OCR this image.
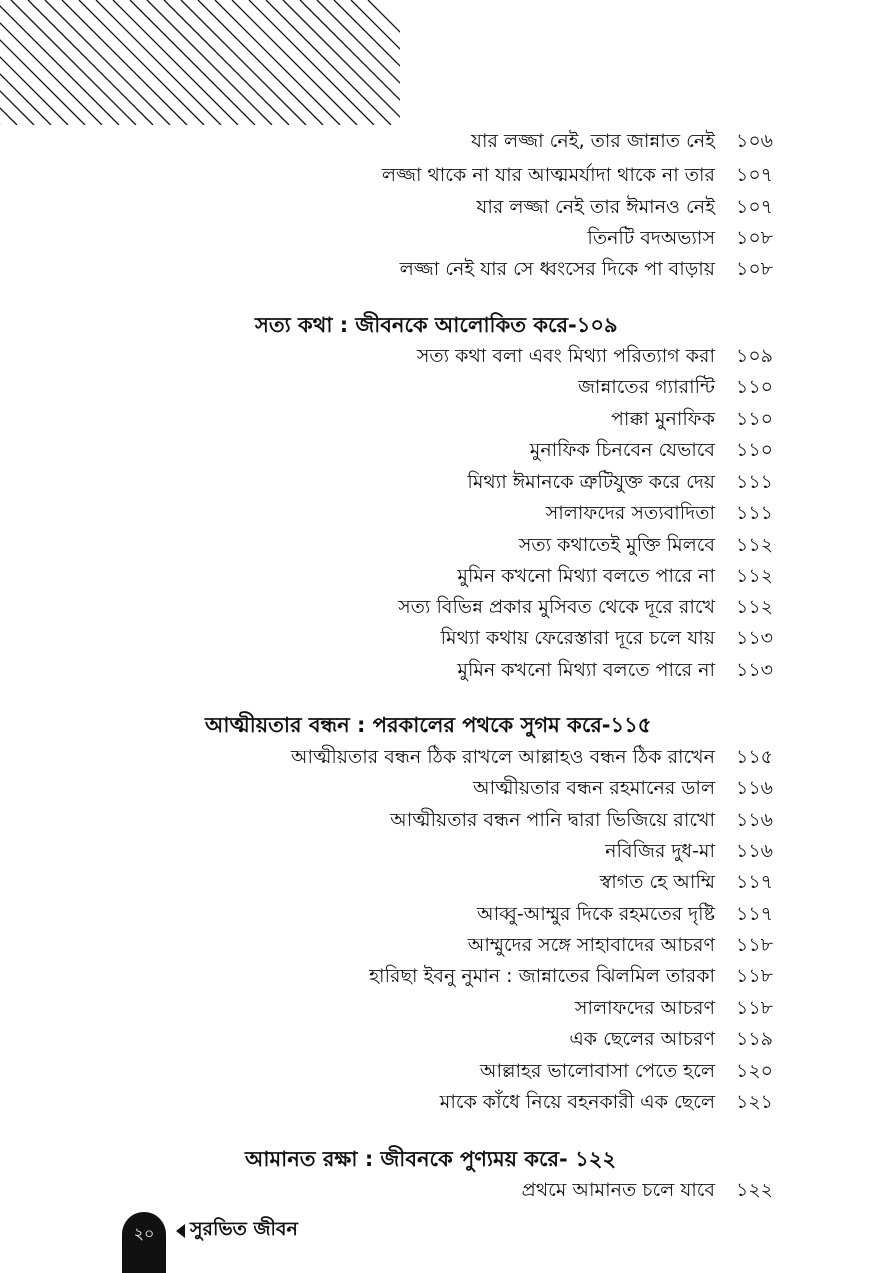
যার লজ্জা নেই, তার জান্নাত নেই ১০৬
লজ্জা থাকে না যার আত্মমর্যাদা থাকে না তার ১০৭
যার লজ্জা নেই তার ঈমানও নেই ১০৭
তিনটি বদঅভ্যাস ১০৮
লজ্জা নেই যার সে ধ্বংসের দিকে পা বাড়ায় ১০৮
সত্য কথা : জীবনকে আলোকিত করে-১০৯
সত্য কথা বলা এবং মিথ্যা পরিত্যাগ করা ১০৯
জান্নাতের গ্যারান্টি ১১০
পাক্কা মুনাফিক ১১০
মুনাফিক চিনবেন যেভাবে ১১০
মিথ্যা ঈমানকে ত্রুটিযুক্ত করে দেয় ১১১
সালাফদের সত্যবাদিতা ১১১
সত্য কথাতেই মুক্তি মিলবে ১১২
মুমিন কখনো মিথ্যা বলতে পারে না ১১২
সত্য বিভিন্ন প্রকার মুসিবত থেকে দূরে রাখে ১১২
মিথ্যা কথায় ফেরেস্তারা দূরে চলে যায় ১১৩
মুমিন কখনো মিথ্যা বলতে পারে না ১১৩
আত্মীয়তার বন্ধন : পরকালের পথকে সুগম করে-১১৫
আত্মীয়তার বন্ধন ঠিক রাখলে আল্লাহও বন্ধন ঠিক রাখেন ১১৫
আত্মীয়তার বন্ধন রহমানের ডাল ১১৬
আত্মীয়তার বন্ধন পানি দ্বারা ভিজিয়ে রাখো ১১৬
নবিজির দুধ-মা ১১৬
স্বাগত হে আম্মি ১১৭
আব্বু-আম্মুর দিকে রহমতের দৃষ্টি ১১৭
আম্মুদের সঙ্গে সাহাবাদের আচরণ ১১৮
হারিছা ইবনু নুমান : জান্নাতের ঝিলমিল তারকা ১১৮
সালাফদের আচরণ ১১৮
এক ছেলের আচরণ ১১৯
আল্লাহর ভালোবাসা পেতে হলে ১২০
মাকে কাঁধে নিয়ে বহনকারী এক ছেলে ১২১
আমানত রক্ষা : জীবনকে পুণ্যময় করে- ১২২
প্রথমে আমানত চলে যাবে ১২২
২০	সুরভিত জীবন
